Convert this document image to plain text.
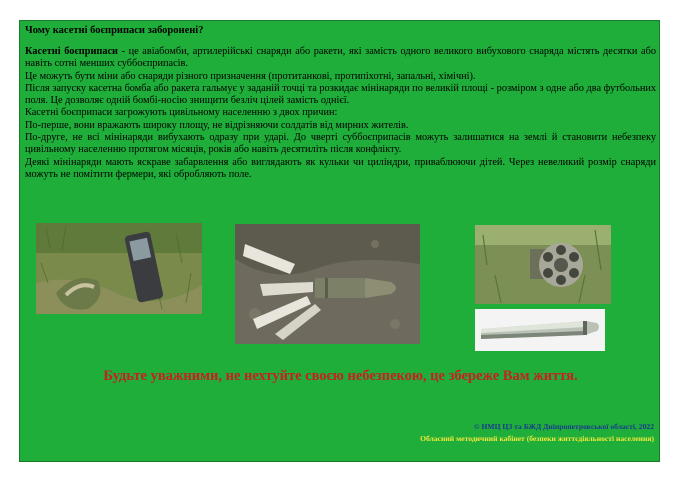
Чому касетні боєприпаси заборонені?

Касетні боєприпаси - це авіабомби, артилерійські снаряди або ракети, які замість одного великого вибухового снаряда містять десятки або навіть сотні менших суббоєприпасів.

Це можуть бути міни або снаряди різного призначення (протитанкові, протипіхотні, запальні, хімічні).

Після запуску касетна бомба або ракета гальмує у заданій точці та розкидає мінінаряди по великій площі - розміром з одне або два футбольних поля. Це дозволяє одній бомбі-носію знищити безліч цілей замість однієї.

Касетні боєприпаси загрожують цивільному населенню з двох причин:

По-перше, вони вражають широку площу, не відрізняючи солдатів від мирних жителів.

По-друге, не всі мінінаряди вибухають одразу при ударі. До чверті суббоєприпасів можуть залишатися на землі й становити небезпеку цивільному населенню протягом місяців, років або навіть десятиліть після конфлікту.

Деякі мінінаряди мають яскраве забарвлення або виглядають як кульки чи циліндри, приваблюючи дітей. Через невеликий розмір снаряди можуть не помітити фермери, які обробляють поле.

Будьте уважними, не нехтуйте своєю небезпекою, це збереже Вам життя.
© НМЦ ЦЗ та БЖД Дніпропетровської області, 2022
Обласний методичний кабінет (безпеки життєдіяльності населення)
